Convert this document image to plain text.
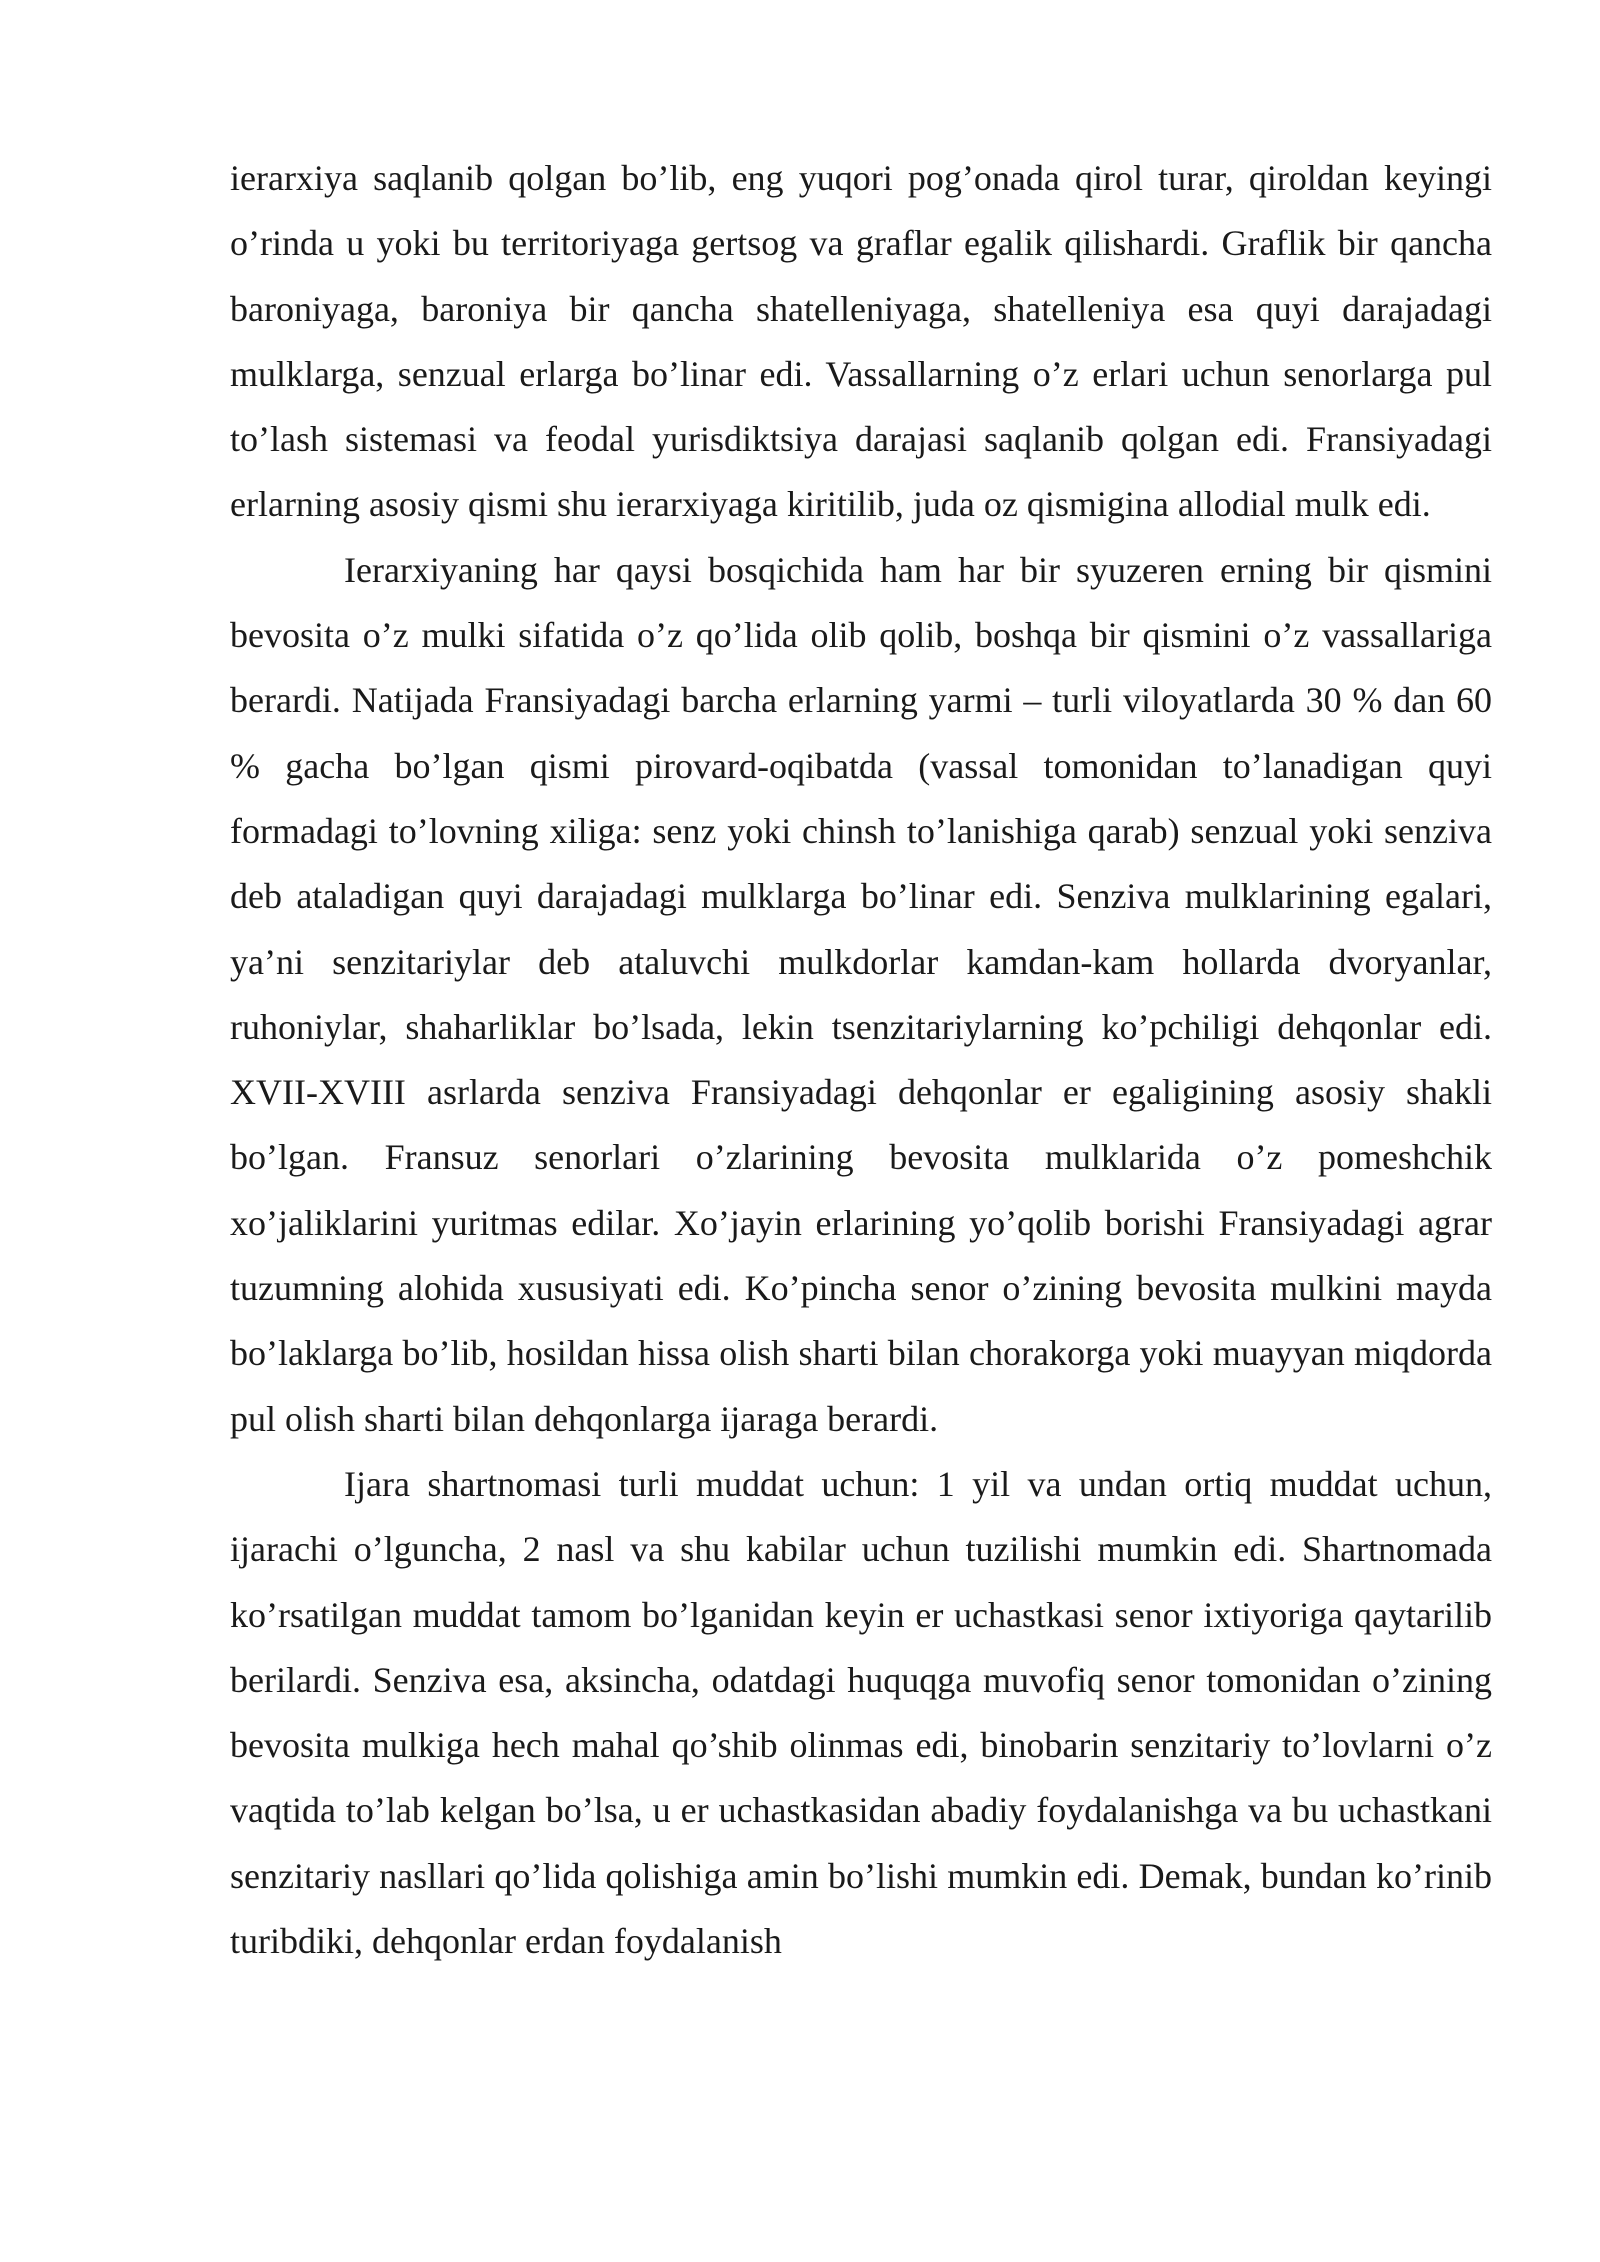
ierarxiya saqlanib qolgan bo’lib, eng yuqori pog’onada qirol turar, qiroldan keyingi o’rinda u yoki bu territoriyaga gertsog va graflar egalik qilishardi. Graflik bir qancha baroniyaga, baroniya bir qancha shatelleniyaga, shatelleniya esa quyi darajadagi mulklarga, senzual erlarga bo’linar edi. Vassallarning o’z erlari uchun senorlarga pul to’lash sistemasi va feodal yurisdiktsiya darajasi saqlanib qolgan edi. Fransiyadagi erlarning asosiy qismi shu ierarxiyaga kiritilib, juda oz qismigina allodial mulk edi.

Ierarxiyaning har qaysi bosqichida ham har bir syuzeren erning bir qismini bevosita o’z mulki sifatida o’z qo’lida olib qolib, boshqa bir qismini o’z vassallariga berardi. Natijada Fransiyadagi barcha erlarning yarmi – turli viloyatlarda 30 % dan 60 % gacha bo’lgan qismi pirovard-oqibatda (vassal tomonidan to’lanadigan quyi formadagi to’lovning xiliga: senz yoki chinsh to’lanishiga qarab) senzual yoki senziva deb ataladigan quyi darajadagi mulklarga bo’linar edi. Senziva mulklarining egalari, ya’ni senzitariylar deb ataluvchi mulkdorlar kamdan-kam hollarda dvoryanlar, ruhoniylar, shaharliklar bo’lsada, lekin tsenzitariylarning ko’pchiligi dehqonlar edi. XVII-XVIII asrlarda senziva Fransiyadagi dehqonlar er egaligining asosiy shakli bo’lgan. Fransuz senorlari o’zlarining bevosita mulklarida o’z pomeshchik xo’jaliklarini yuritmas edilar. Xo’jayin erlarining yo’qolib borishi Fransiyadagi agrar tuzumning alohida xususiyati edi. Ko’pincha senor o’zining bevosita mulkini mayda bo’laklarga bo’lib, hosildan hissa olish sharti bilan chorakorga yoki muayyan miqdorda pul olish sharti bilan dehqonlarga ijaraga berardi.

Ijara shartnomasi turli muddat uchun: 1 yil va undan ortiq muddat uchun, ijarachi o’lguncha, 2 nasl va shu kabilar uchun tuzilishi mumkin edi. Shartnomada ko’rsatilgan muddat tamom bo’lganidan keyin er uchastkasi senor ixtiyoriga qaytarilib berilardi. Senziva esa, aksincha, odatdagi huquqga muvofiq senor tomonidan o’zining bevosita mulkiga hech mahal qo’shib olinmas edi, binobarin senzitariy to’lovlarni o’z vaqtida to’lab kelgan bo’lsa, u er uchastkasidan abadiy foydalanishga va bu uchastkani senzitariy nasllari qo’lida qolishiga amin bo’lishi mumkin edi. Demak, bundan ko’rinib turibdiki, dehqonlar erdan foydalanish
